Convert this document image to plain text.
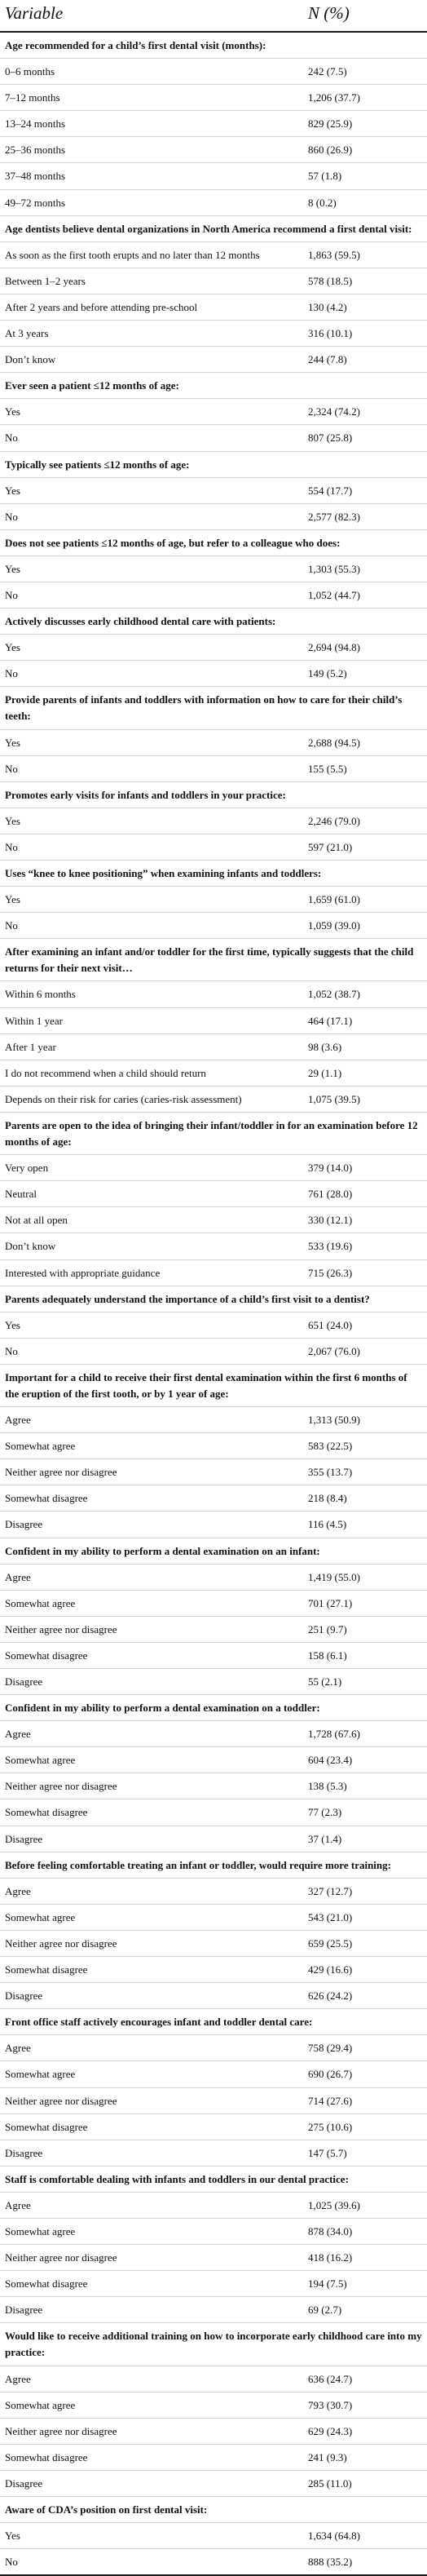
Variable	N (%)
Age recommended for a child’s first dental visit (months):	
0–6 months	242 (7.5)
7–12 months	1,206 (37.7)
13–24 months	829 (25.9)
25–36 months	860 (26.9)
37–48 months	57 (1.8)
49–72 months	8 (0.2)
Age dentists believe dental organizations in North America recommend a first dental visit:	
As soon as the first tooth erupts and no later than 12 months	1,863 (59.5)
Between 1–2 years	578 (18.5)
After 2 years and before attending pre-school	130 (4.2)
At 3 years	316 (10.1)
Don’t know	244 (7.8)
Ever seen a patient ≤12 months of age:	
Yes	2,324 (74.2)
No	807 (25.8)
Typically see patients ≤12 months of age:	
Yes	554 (17.7)
No	2,577 (82.3)
Does not see patients ≤12 months of age, but refer to a colleague who does:	
Yes	1,303 (55.3)
No	1,052 (44.7)
Actively discusses early childhood dental care with patients:	
Yes	2,694 (94.8)
No	149 (5.2)
Provide parents of infants and toddlers with information on how to care for their child’s teeth:	
Yes	2,688 (94.5)
No	155 (5.5)
Promotes early visits for infants and toddlers in your practice:	
Yes	2,246 (79.0)
No	597 (21.0)
Uses “knee to knee positioning” when examining infants and toddlers:	
Yes	1,659 (61.0)
No	1,059 (39.0)
After examining an infant and/or toddler for the first time, typically suggests that the child returns for their next visit…	
Within 6 months	1,052 (38.7)
Within 1 year	464 (17.1)
After 1 year	98 (3.6)
I do not recommend when a child should return	29 (1.1)
Depends on their risk for caries (caries-risk assessment)	1,075 (39.5)
Parents are open to the idea of bringing their infant/toddler in for an examination before 12 months of age:	
Very open	379 (14.0)
Neutral	761 (28.0)
Not at all open	330 (12.1)
Don’t know	533 (19.6)
Interested with appropriate guidance	715 (26.3)
Parents adequately understand the importance of a child’s first visit to a dentist?	
Yes	651 (24.0)
No	2,067 (76.0)
Important for a child to receive their first dental examination within the first 6 months of the eruption of the first tooth, or by 1 year of age:	
Agree	1,313 (50.9)
Somewhat agree	583 (22.5)
Neither agree nor disagree	355 (13.7)
Somewhat disagree	218 (8.4)
Disagree	116 (4.5)
Confident in my ability to perform a dental examination on an infant:	
Agree	1,419 (55.0)
Somewhat agree	701 (27.1)
Neither agree nor disagree	251 (9.7)
Somewhat disagree	158 (6.1)
Disagree	55 (2.1)
Confident in my ability to perform a dental examination on a toddler:	
Agree	1,728 (67.6)
Somewhat agree	604 (23.4)
Neither agree nor disagree	138 (5.3)
Somewhat disagree	77 (2.3)
Disagree	37 (1.4)
Before feeling comfortable treating an infant or toddler, would require more training:	
Agree	327 (12.7)
Somewhat agree	543 (21.0)
Neither agree nor disagree	659 (25.5)
Somewhat disagree	429 (16.6)
Disagree	626 (24.2)
Front office staff actively encourages infant and toddler dental care:	
Agree	758 (29.4)
Somewhat agree	690 (26.7)
Neither agree nor disagree	714 (27.6)
Somewhat disagree	275 (10.6)
Disagree	147 (5.7)
Staff is comfortable dealing with infants and toddlers in our dental practice:	
Agree	1,025 (39.6)
Somewhat agree	878 (34.0)
Neither agree nor disagree	418 (16.2)
Somewhat disagree	194 (7.5)
Disagree	69 (2.7)
Would like to receive additional training on how to incorporate early childhood care into my practice:	
Agree	636 (24.7)
Somewhat agree	793 (30.7)
Neither agree nor disagree	629 (24.3)
Somewhat disagree	241 (9.3)
Disagree	285 (11.0)
Aware of CDA’s position on first dental visit:	
Yes	1,634 (64.8)
No	888 (35.2)
